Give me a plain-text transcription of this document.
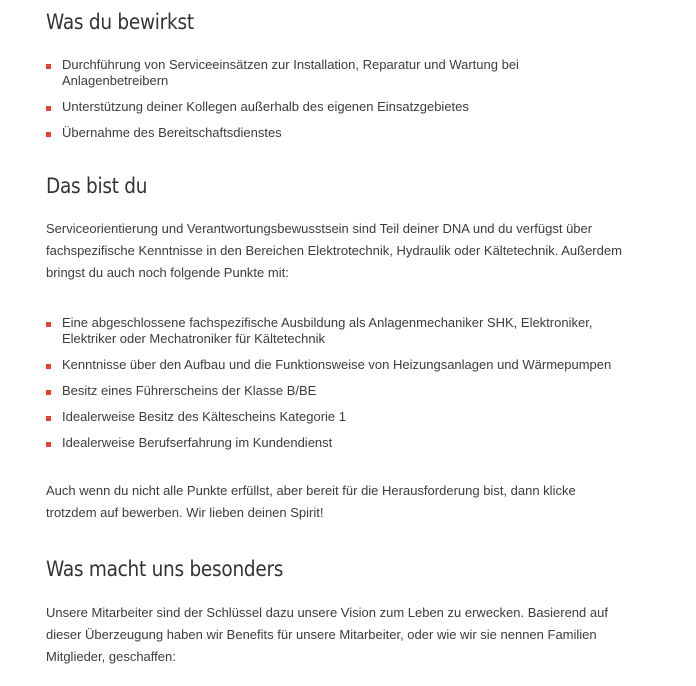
Was du bewirkst
Durchführung von Serviceeinsätzen zur Installation, Reparatur und Wartung bei Anlagenbetreibern
Unterstützung deiner Kollegen außerhalb des eigenen Einsatzgebietes
Übernahme des Bereitschaftsdienstes
Das bist du

Serviceorientierung und Verantwortungsbewusstsein sind Teil deiner DNA und du verfügst über fachspezifische Kenntnisse in den Bereichen Elektrotechnik, Hydraulik oder Kältetechnik. Außerdem bringst du auch noch folgende Punkte mit:

Eine abgeschlossene fachspezifische Ausbildung als Anlagenmechaniker SHK, Elektroniker, Elektriker oder Mechatroniker für Kältetechnik
Kenntnisse über den Aufbau und die Funktionsweise von Heizungsanlagen und Wärmepumpen
Besitz eines Führerscheins der Klasse B/BE
Idealerweise Besitz des Kältescheins Kategorie 1
Idealerweise Berufserfahrung im Kundendienst

Auch wenn du nicht alle Punkte erfüllst, aber bereit für die Herausforderung bist, dann klicke trotzdem auf bewerben. Wir lieben deinen Spirit!

Was macht uns besonders

Unsere Mitarbeiter sind der Schlüssel dazu unsere Vision zum Leben zu erwecken. Basierend auf dieser Überzeugung haben wir Benefits für unsere Mitarbeiter, oder wie wir sie nennen Familien Mitglieder, geschaffen:
